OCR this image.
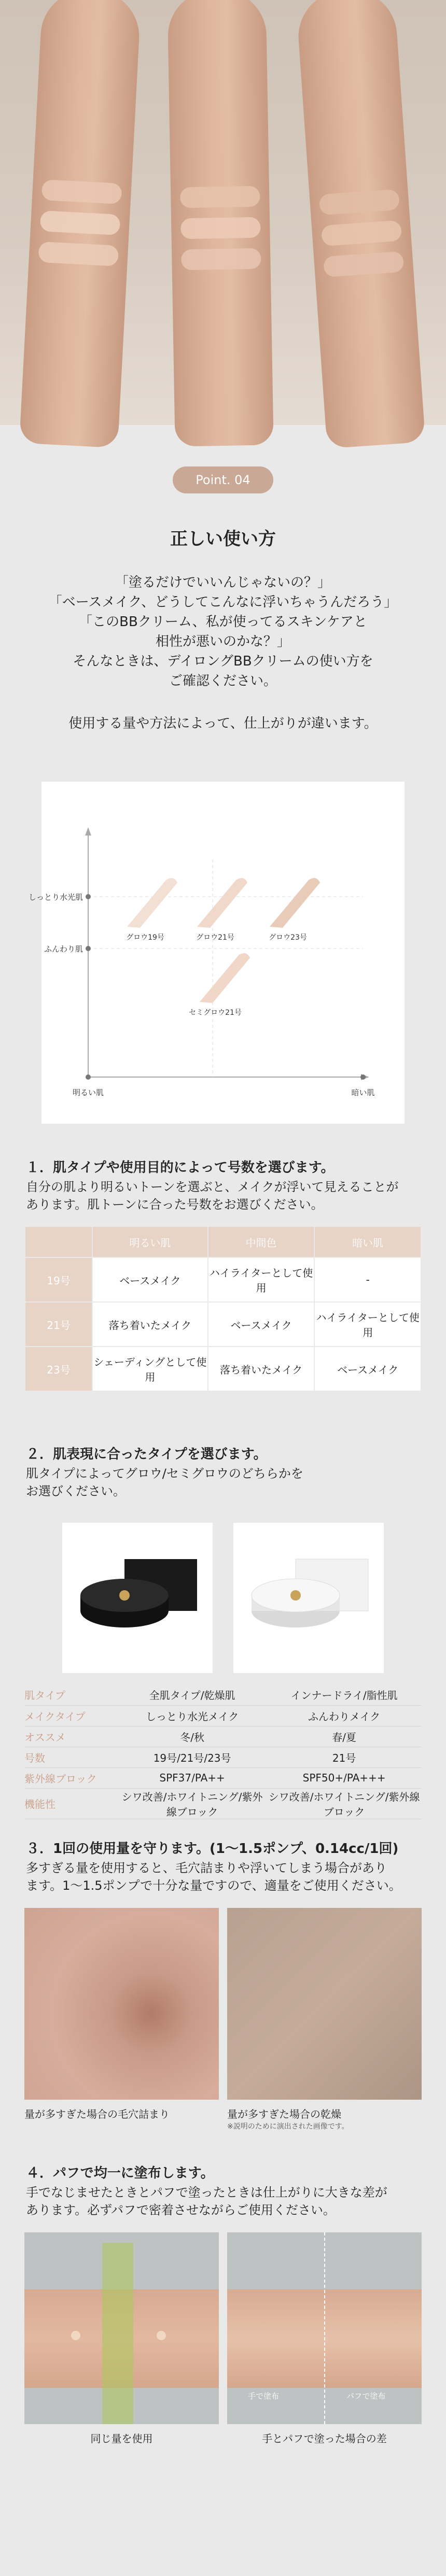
Point. 04
正しい使い方
「塗るだけでいいんじゃないの？」
「ベースメイク、どうしてこんなに浮いちゃうんだろう」
「このBBクリーム、私が使ってるスキンケアと
相性が悪いのかな？」
そんなときは、デイロングBBクリームの使い方を
ご確認ください。
使用する量や方法によって、仕上がりが違います。
しっとり水光肌
ふんわり肌
明るい肌	暗い肌
グロウ19号	グロウ21号	グロウ23号
セミグロウ21号
１．肌タイプや使用目的によって号数を選びます。
自分の肌より明るいトーンを選ぶと、メイクが浮いて見えることが
あります。肌トーンに合った号数をお選びください。
	明るい肌	中間色	暗い肌
19号	ベースメイク	ハイライターとして使用	-
21号	落ち着いたメイク	ベースメイク	ハイライターとして使用
23号	シェーディングとして使用	落ち着いたメイク	ベースメイク
２．肌表現に合ったタイプを選びます。
肌タイプによってグロウ/セミグロウのどちらかを
お選びください。
肌タイプ	全肌タイプ/乾燥肌	インナードライ/脂性肌
メイクタイプ	しっとり水光メイク	ふんわりメイク
オススメ	冬/秋	春/夏
号数	19号/21号/23号	21号
紫外線ブロック	SPF37/PA++	SPF50+/PA+++
機能性	シワ改善/ホワイトニング/紫外線ブロック	シワ改善/ホワイトニング/紫外線ブロック
３．1回の使用量を守ります。(1〜1.5ポンプ、0.14cc/1回)
多すぎる量を使用すると、毛穴詰まりや浮いてしまう場合があり
ます。1〜1.5ポンプで十分な量ですので、適量をご使用ください。
量が多すぎた場合の毛穴詰まり	量が多すぎた場合の乾燥
※説明のために演出された画像です。
４．パフで均一に塗布します。
手でなじませたときとパフで塗ったときは仕上がりに大きな差が
あります。必ずパフで密着させながらご使用ください。
同じ量を使用
手で塗布	パフで塗布
手とパフで塗った場合の差
